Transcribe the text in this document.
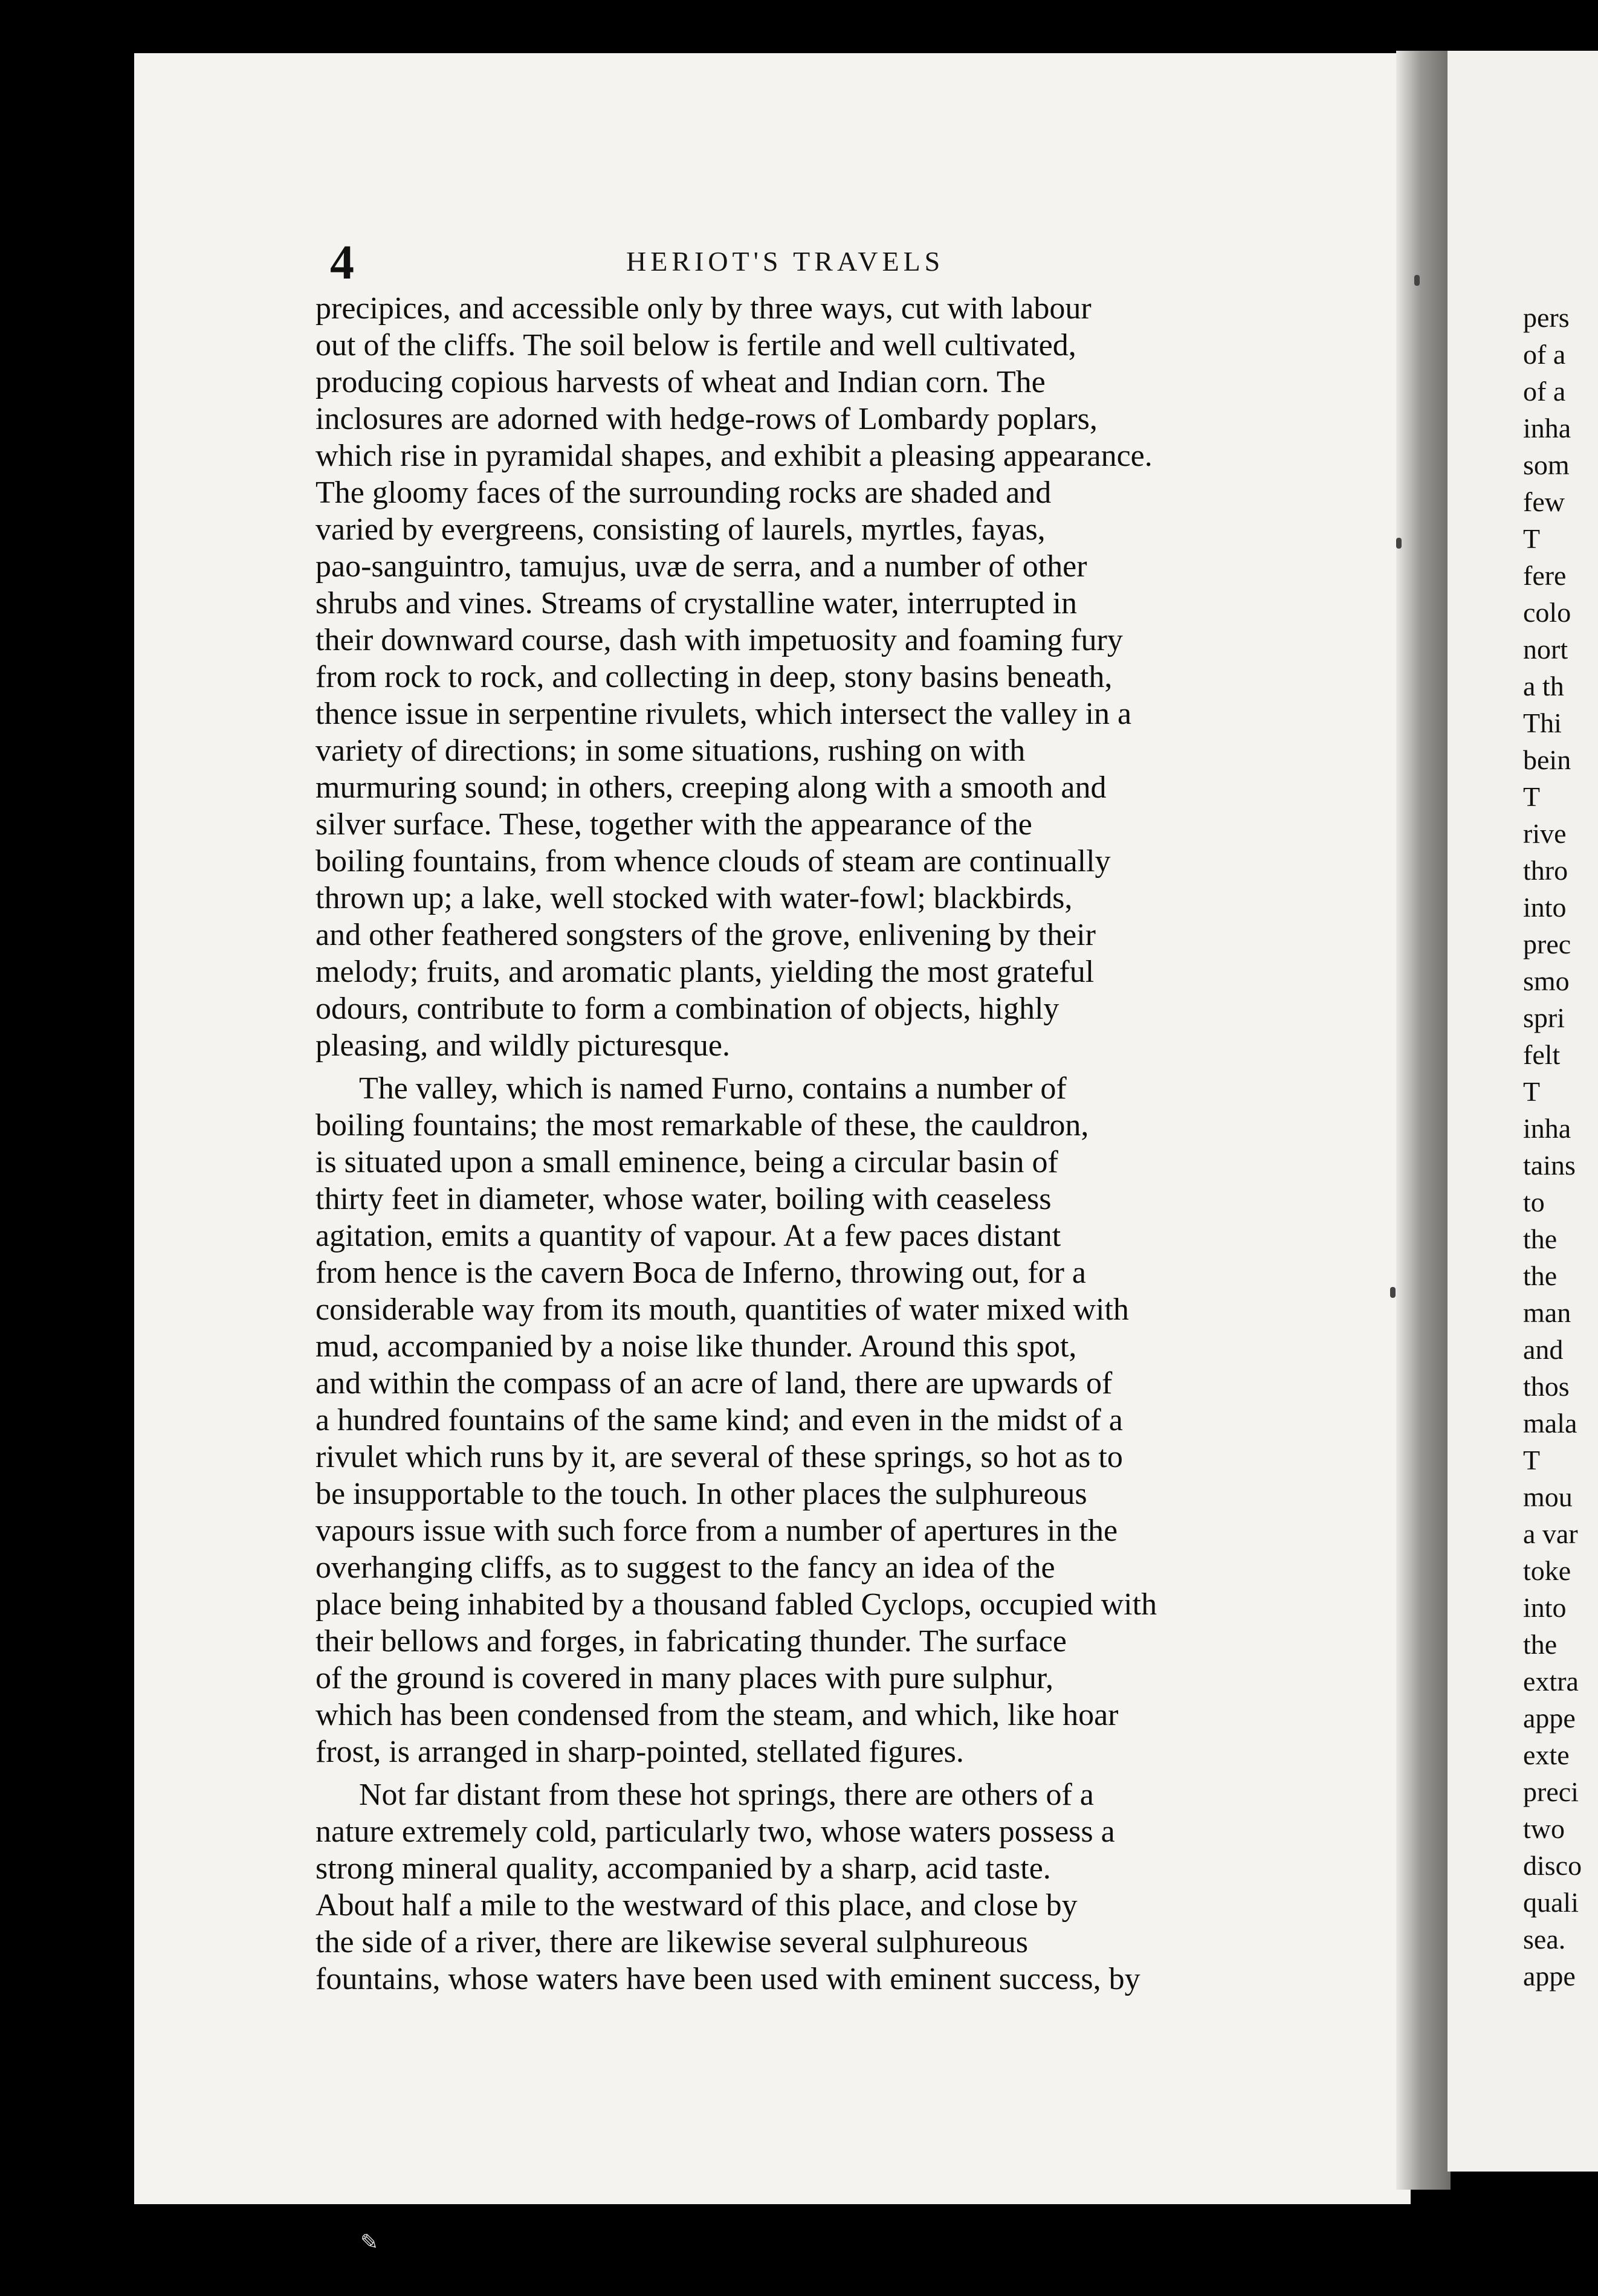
4	HERIOT'S TRAVELS
precipices, and accessible only by three ways, cut with labour
out of the cliffs. The soil below is fertile and well cultivated,
producing copious harvests of wheat and Indian corn. The
inclosures are adorned with hedge-rows of Lombardy poplars,
which rise in pyramidal shapes, and exhibit a pleasing appearance.
The gloomy faces of the surrounding rocks are shaded and
varied by evergreens, consisting of laurels, myrtles, fayas,
pao-sanguintro, tamujus, uvæ de serra, and a number of other
shrubs and vines. Streams of crystalline water, interrupted in
their downward course, dash with impetuosity and foaming fury
from rock to rock, and collecting in deep, stony basins beneath,
thence issue in serpentine rivulets, which intersect the valley in a
variety of directions; in some situations, rushing on with
murmuring sound; in others, creeping along with a smooth and
silver surface. These, together with the appearance of the
boiling fountains, from whence clouds of steam are continually
thrown up; a lake, well stocked with water-fowl; blackbirds,
and other feathered songsters of the grove, enlivening by their
melody; fruits, and aromatic plants, yielding the most grateful
odours, contribute to form a combination of objects, highly
pleasing, and wildly picturesque.
The valley, which is named Furno, contains a number of
boiling fountains; the most remarkable of these, the cauldron,
is situated upon a small eminence, being a circular basin of
thirty feet in diameter, whose water, boiling with ceaseless
agitation, emits a quantity of vapour. At a few paces distant
from hence is the cavern Boca de Inferno, throwing out, for a
considerable way from its mouth, quantities of water mixed with
mud, accompanied by a noise like thunder. Around this spot,
and within the compass of an acre of land, there are upwards of
a hundred fountains of the same kind; and even in the midst of a
rivulet which runs by it, are several of these springs, so hot as to
be insupportable to the touch. In other places the sulphureous
vapours issue with such force from a number of apertures in the
overhanging cliffs, as to suggest to the fancy an idea of the
place being inhabited by a thousand fabled Cyclops, occupied with
their bellows and forges, in fabricating thunder. The surface
of the ground is covered in many places with pure sulphur,
which has been condensed from the steam, and which, like hoar
frost, is arranged in sharp-pointed, stellated figures.
Not far distant from these hot springs, there are others of a
nature extremely cold, particularly two, whose waters possess a
strong mineral quality, accompanied by a sharp, acid taste.
About half a mile to the westward of this place, and close by
the side of a river, there are likewise several sulphureous
fountains, whose waters have been used with eminent success, by
pers
of a
of a
inha
som
few
T
fere
colo
nort
a th
Thi
bein
T
rive
thro
into
prec
smo
spri
felt
T
inha
tains
to
the
the
man
and
thos
mala
T
mou
a var
toke
into
the
extra
appe
exte
preci
two
disco
quali
sea.
appe
✎
